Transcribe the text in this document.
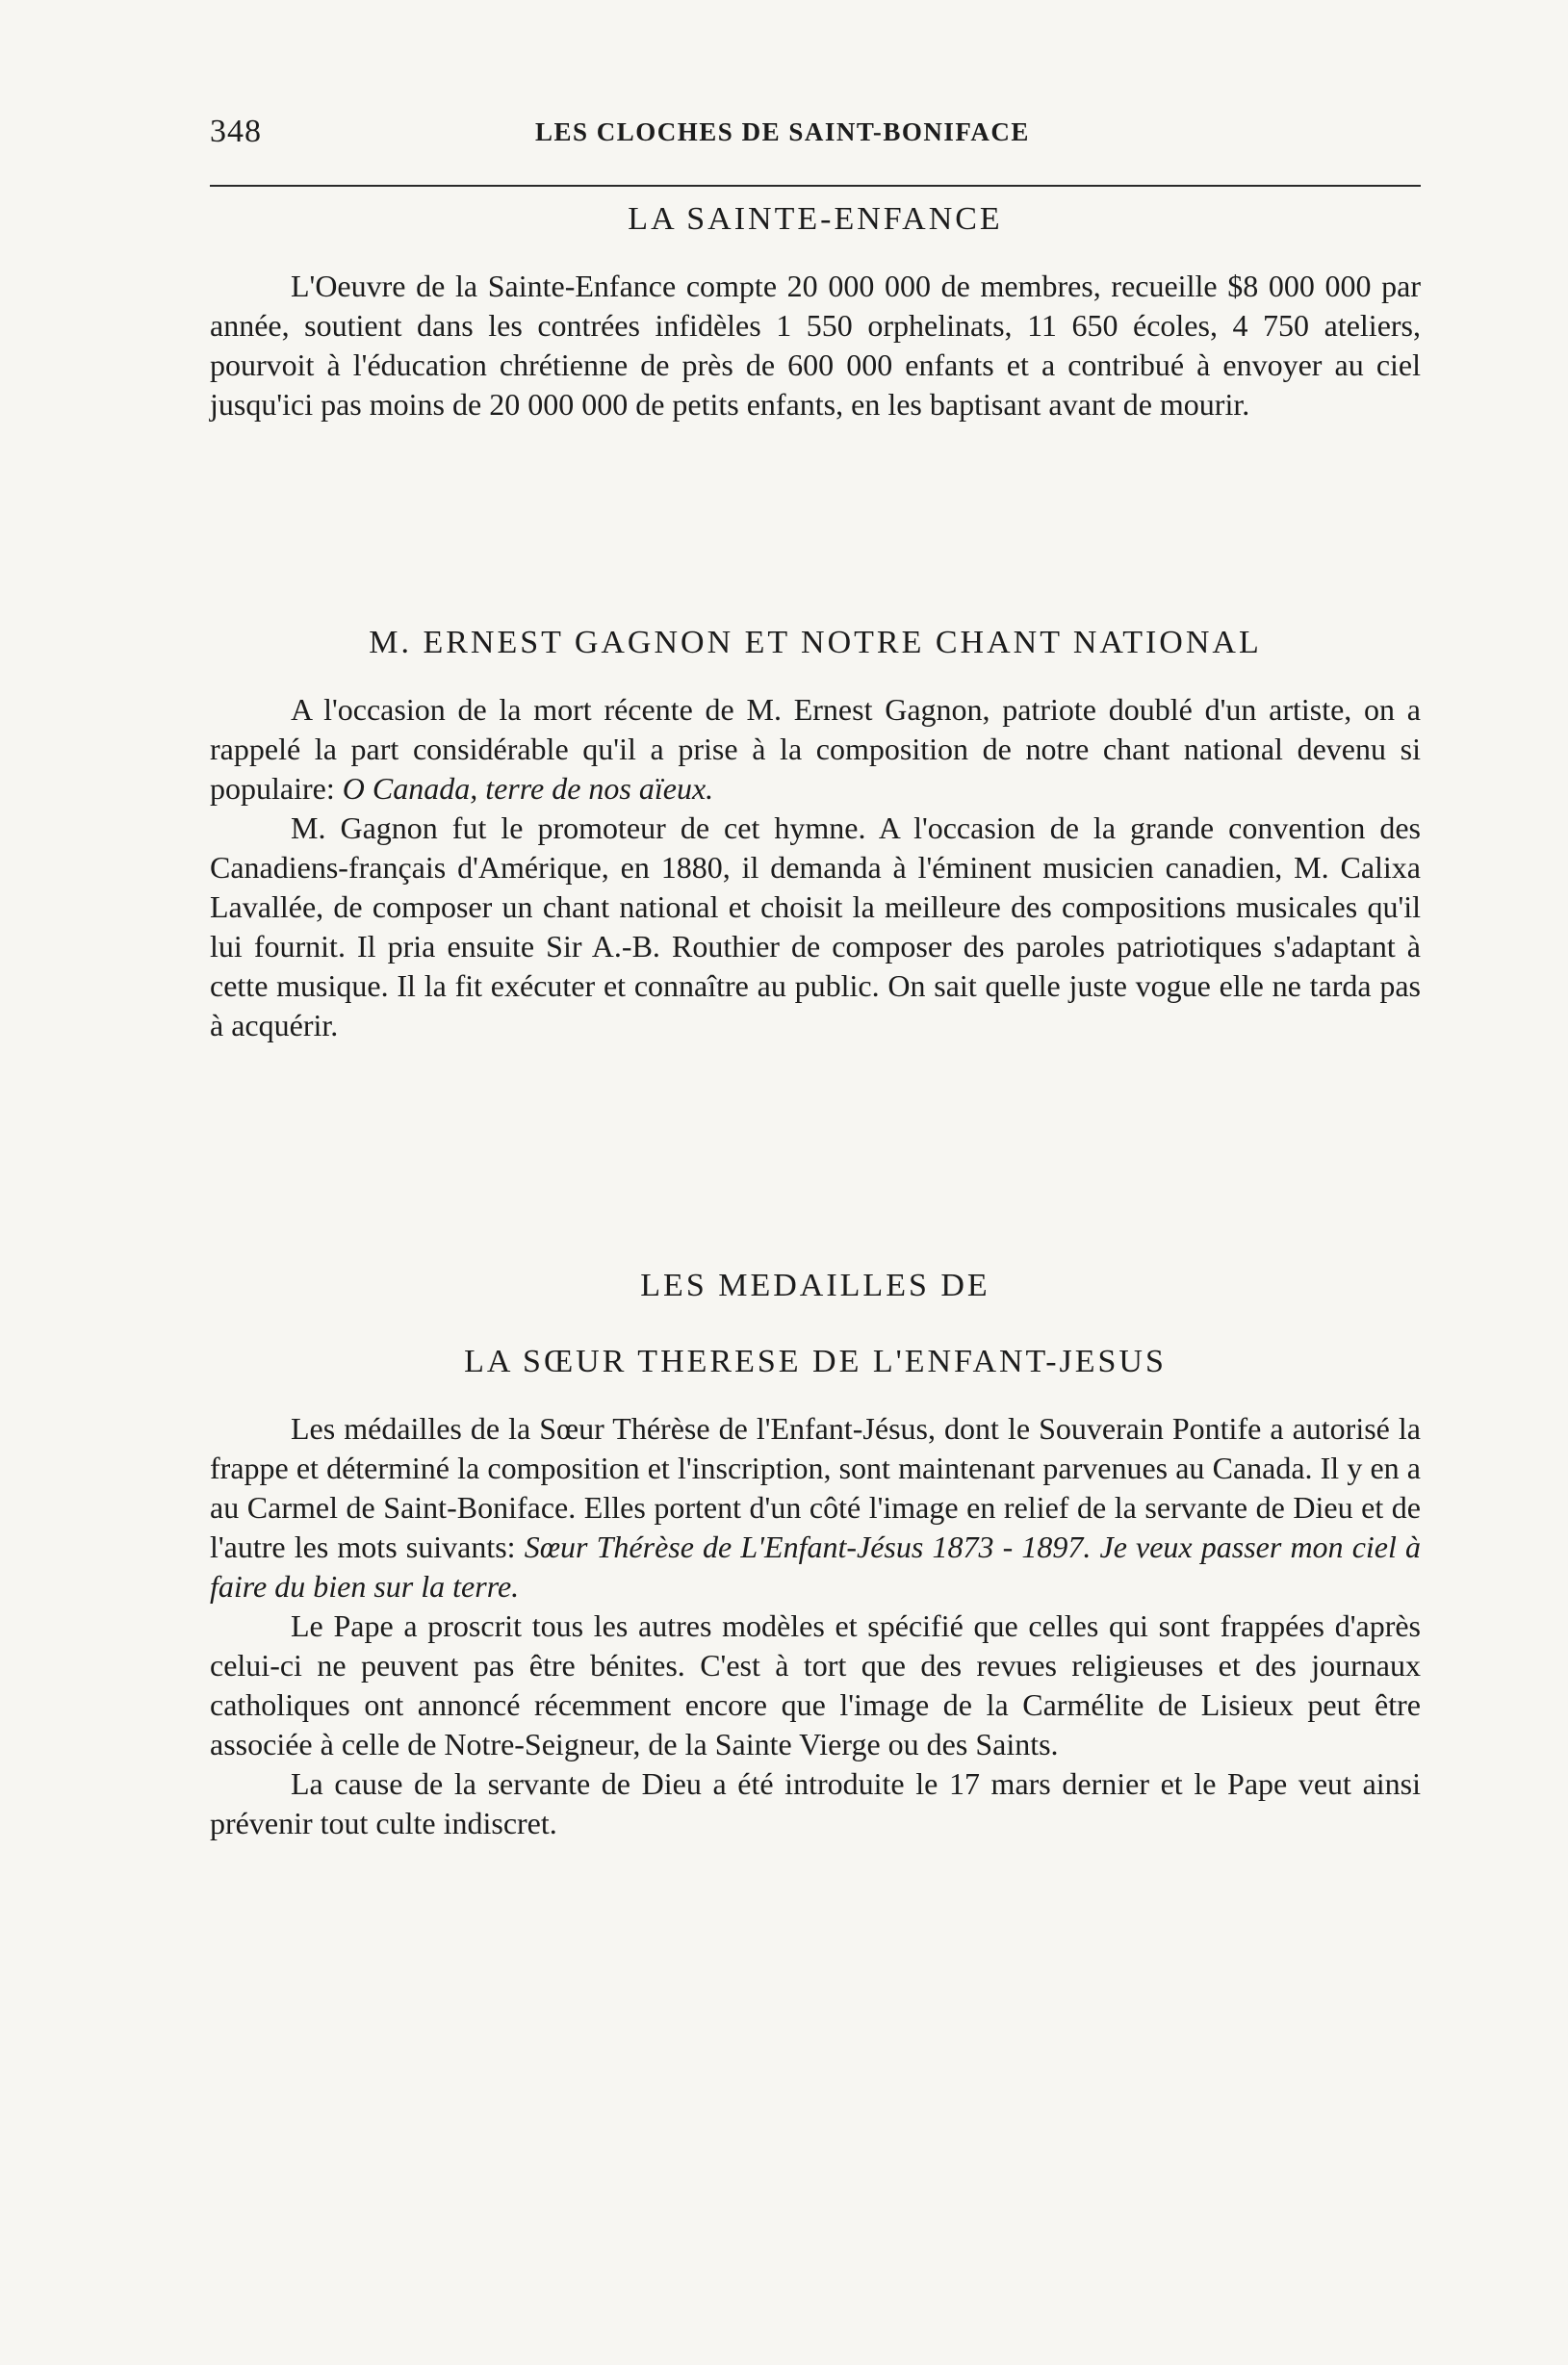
348	LES CLOCHES DE SAINT-BONIFACE
LA SAINTE-ENFANCE

L'Oeuvre de la Sainte-Enfance compte 20 000 000 de membres, recueille $8 000 000 par année, soutient dans les contrées infidèles 1 550 orphelinats, 11 650 écoles, 4 750 ateliers, pourvoit à l'éducation chrétienne de près de 600 000 enfants et a contribué à envoyer au ciel jusqu'ici pas moins de 20 000 000 de petits enfants, en les baptisant avant de mourir.

M. ERNEST GAGNON ET NOTRE CHANT NATIONAL

A l'occasion de la mort récente de M. Ernest Gagnon, patriote doublé d'un artiste, on a rappelé la part considérable qu'il a prise à la composition de notre chant national devenu si populaire: O Canada, terre de nos aïeux.

M. Gagnon fut le promoteur de cet hymne. A l'occasion de la grande convention des Canadiens-français d'Amérique, en 1880, il demanda à l'éminent musicien canadien, M. Calixa Lavallée, de composer un chant national et choisit la meilleure des compositions musicales qu'il lui fournit. Il pria ensuite Sir A.-B. Routhier de composer des paroles patriotiques s'adaptant à cette musique. Il la fit exécuter et connaître au public. On sait quelle juste vogue elle ne tarda pas à acquérir.

LES MEDAILLES DE
LA SŒUR THERESE DE L'ENFANT-JESUS

Les médailles de la Sœur Thérèse de l'Enfant-Jésus, dont le Souverain Pontife a autorisé la frappe et déterminé la composition et l'inscription, sont maintenant parvenues au Canada. Il y en a au Carmel de Saint-Boniface. Elles portent d'un côté l'image en relief de la servante de Dieu et de l'autre les mots suivants: Sœur Thérèse de L'Enfant-Jésus 1873 - 1897. Je veux passer mon ciel à faire du bien sur la terre.

Le Pape a proscrit tous les autres modèles et spécifié que celles qui sont frappées d'après celui-ci ne peuvent pas être bénites. C'est à tort que des revues religieuses et des journaux catholiques ont annoncé récemment encore que l'image de la Carmélite de Lisieux peut être associée à celle de Notre-Seigneur, de la Sainte Vierge ou des Saints.

La cause de la servante de Dieu a été introduite le 17 mars dernier et le Pape veut ainsi prévenir tout culte indiscret.
